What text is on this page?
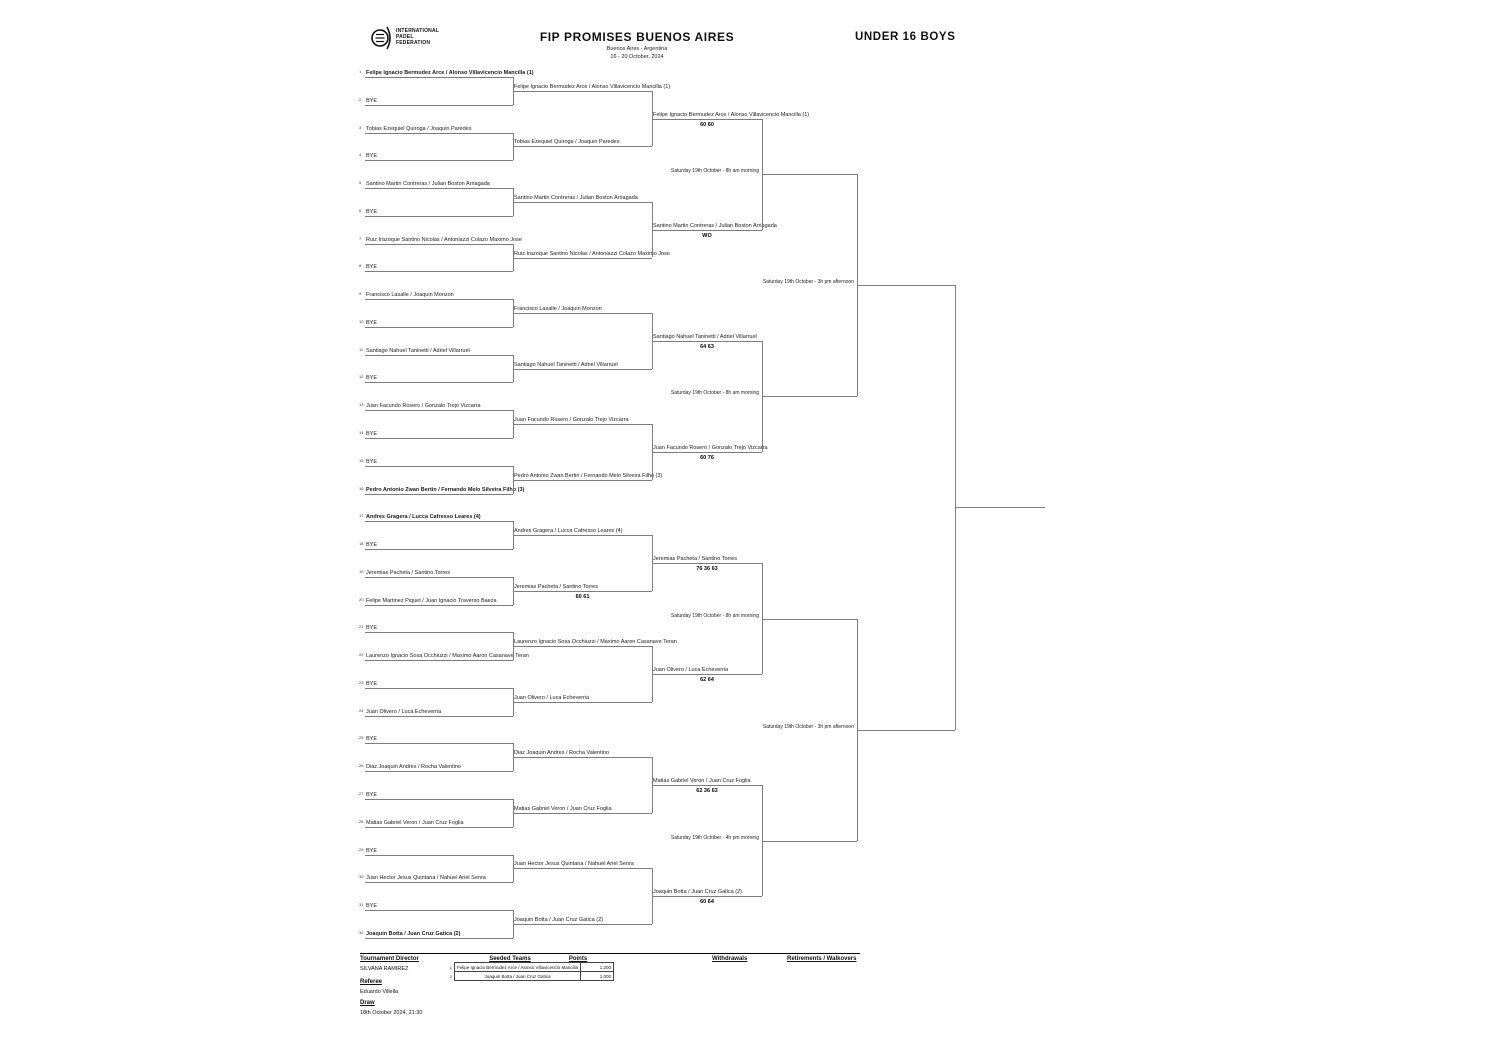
INTERNATIONAL
PADEL
FEDERATION	FIP PROMISES BUENOS AIRES
Buenos Aires - Argentina
16 - 20 October, 2024
UNDER 16 BOYS
1 Felipe Ignacio Bermudez Arce / Alonso Villavicencio Mancilla (1)
2 BYE
3 Tobias Ezequiel Quiroga / Joaquin Paredes
4 BYE
5 Santino Martin Contreras / Julian Boston Arriagada
6 BYE
7 Ruiz Irazoque Santino Nicolas / Antoniazzi Colazo Maximo Jose
8 BYE
9 Francisco Lasalle / Joaquin Monzon
10 BYE
11 Santiago Nahuel Taninetti / Adriel Villarruel
12 BYE
13 Juan Facundo Rosero / Gonzalo Trejo Vizcarra
14 BYE
15 BYE
16 Pedro Antonio Zwan Bertin / Fernando Melo Silveira Filho (3)
17 Andres Gragera / Lucca Cafresso Leares (4)
18 BYE
19 Jeremias Pacheta / Santino Torres
20 Felipe Martinez Piquet / Juan Ignacio Traverso Baeza
21 BYE
22 Laurenzo Ignacio Sosa Occhiuzzi / Maximo Aaron Casanave Teran
23 BYE
24 Juan Olivero / Luca Echeverria
25 BYE
26 Diaz Joaquin Andres / Rocha Valentino
27 BYE
28 Matias Gabriel Veron / Juan Cruz Foglia
29 BYE
30 Juan Hector Jesus Quintana / Nahuel Ariel Senra
31 BYE
32 Joaquin Botta / Juan Cruz Gatica (2)
Felipe Ignacio Bermudez Arce / Alonso Villavicencio Mancilla (1)
Tobias Ezequiel Quiroga / Joaquin Paredes
Santino Martin Contreras / Julian Boston Arriagada
Ruiz Irazoque Santino Nicolas / Antoniazzi Colazo Maximo Jose
Francisco Lasalle / Joaquin Monzon
Santiago Nahuel Taninetti / Adriel Villarruel
Juan Facundo Rosero / Gonzalo Trejo Vizcarra
Pedro Antonio Zwan Bertin / Fernando Melo Silveira Filho (3)
Andres Gragera / Lucca Cafresso Leares (4)
Jeremias Pacheta / Santino Torres
60 61
Laurenzo Ignacio Sosa Occhiuzzi / Maximo Aaron Casanave Teran
Juan Olivero / Luca Echeverria
Diaz Joaquin Andres / Rocha Valentino
Matias Gabriel Veron / Juan Cruz Foglia
Juan Hector Jesus Quintana / Nahuel Ariel Senra
Joaquin Botta / Juan Cruz Gatica (2)
Felipe Ignacio Bermudez Arce / Alonso Villavicencio Mancilla (1)
60 60
Santino Martin Contreras / Julian Boston Arriagada
WO
Santiago Nahuel Taninetti / Adriel Villarruel
64 63
Juan Facundo Rosero / Gonzalo Trejo Vizcarra
60 76
Jeremias Pacheta / Santino Torres
76 36 63
Juan Olivero / Luca Echeverria
62 64
Matias Gabriel Veron / Juan Cruz Foglia
62 36 63
Joaquin Botta / Juan Cruz Gatica (2)
60 64
Saturday 19th October - 8h am morning
Saturday 19th October - 8h am morning
Saturday 19th October - 8h am morning
Saturday 19th October - 4h pm morning
Saturday 19th October - 3h pm afternoon
Saturday 19th October - 3h pm afternoon
Tournament Director
SILVANA RAMIREZ
Seeded Teams	Points
1	Felipe Ignacio Bermudez Arce / Alonso Villavicencio Mancilla	1.200
2	Joaquin Botta / Juan Cruz Gatica	1.000
Withdrawals	Retirements / Walkovers
Referee
Eduardo Villella
Draw
18th October 2024, 21:30
